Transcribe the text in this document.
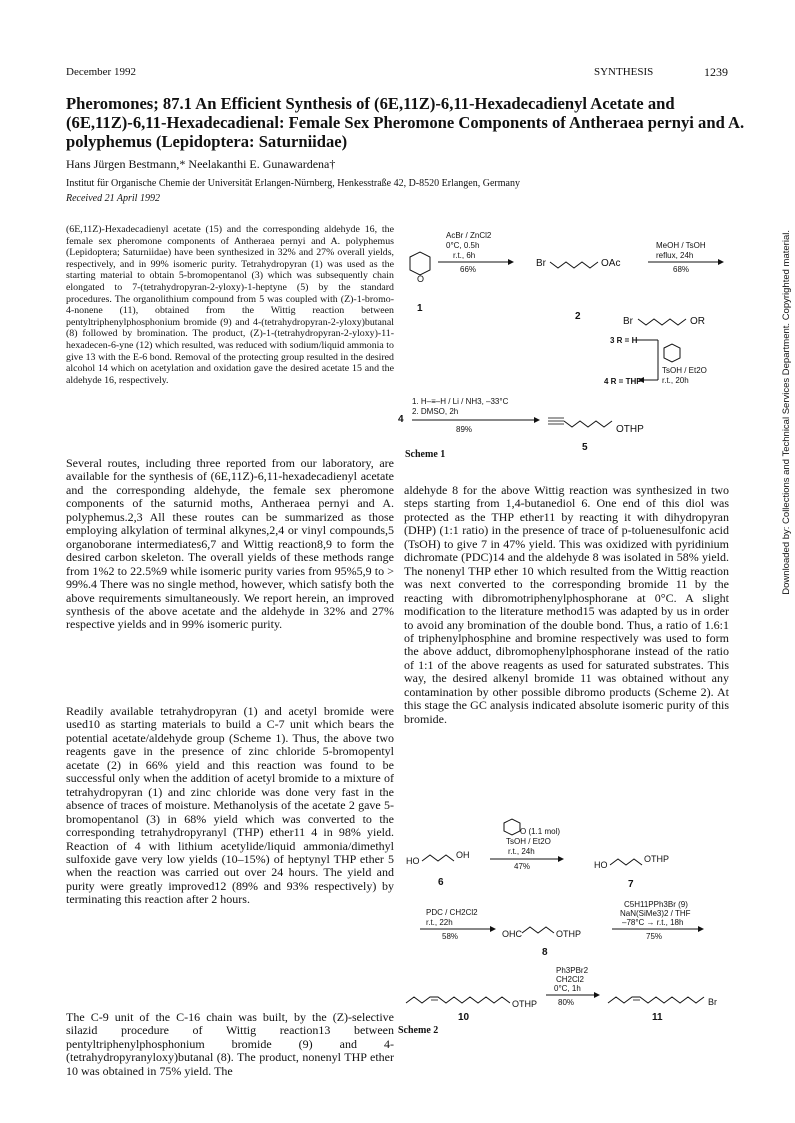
December 1992	SYNTHESIS	1239
Pheromones; 87.1 An Efficient Synthesis of (6E,11Z)-6,11-Hexadecadienyl Acetate and (6E,11Z)-6,11-Hexadecadienal: Female Sex Pheromone Components of Antheraea pernyi and A. polyphemus (Lepidoptera: Saturniidae)
Hans Jürgen Bestmann,* Neelakanthi E. Gunawardena†
Institut für Organische Chemie der Universität Erlangen-Nürnberg, Henkesstraße 42, D-8520 Erlangen, Germany
Received 21 April 1992
(6E,11Z)-Hexadecadienyl acetate (15) and the corresponding aldehyde 16, the female sex pheromone components of Antheraea pernyi and A. polyphemus (Lepidoptera; Saturniidae) have been synthesized in 32% and 27% overall yields, respectively, and in 99% isomeric purity. Tetrahydropyran (1) was used as the starting material to obtain 5-bromopentanol (3) which was subsequently chain elongated to 7-(tetrahydropyran-2-yloxy)-1-heptyne (5) by the standard procedures. The organolithium compound from 5 was coupled with (Z)-1-bromo-4-nonene (11), obtained from the Wittig reaction between pentyltriphenylphosphonium bromide (9) and 4-(tetrahydropyran-2-yloxy)butanal (8) followed by bromination. The product, (Z)-1-(tetrahydropyran-2-yloxy)-11-hexadecen-6-yne (12) which resulted, was reduced with sodium/liquid ammonia to give 13 with the E-6 bond. Removal of the protecting group resulted in the desired alcohol 14 which on acetylation and oxidation gave the desired acetate 15 and the aldehyde 16, respectively.
Several routes, including three reported from our laboratory, are available for the synthesis of (6E,11Z)-6,11-hexadecadienyl acetate and the corresponding aldehyde, the female sex pheromone components of the saturnid moths, Antheraea pernyi and A. polyphemus.2,3 All these routes can be summarized as those employing alkylation of terminal alkynes,2,4 or vinyl compounds,5 organoborane intermediates6,7 and Wittig reaction8,9 to form the desired carbon skeleton. The overall yields of these methods range from 1%2 to 22.5%9 while isomeric purity varies from 95%5,9 to > 99%.4 There was no single method, however, which satisfy both the above requirements simultaneously. We report herein, an improved synthesis of the above acetate and the aldehyde in 32% and 27% respective yields and in 99% isomeric purity.
Readily available tetrahydropyran (1) and acetyl bromide were used10 as starting materials to build a C-7 unit which bears the potential acetate/aldehyde group (Scheme 1). Thus, the above two reagents gave in the presence of zinc chloride 5-bromopentyl acetate (2) in 66% yield and this reaction was found to be successful only when the addition of acetyl bromide to a mixture of tetrahydropyran (1) and zinc chloride was done very fast in the absence of traces of moisture. Methanolysis of the acetate 2 gave 5-bromopentanol (3) in 68% yield which was converted to the corresponding tetrahydropyranyl (THP) ether11 4 in 98% yield. Reaction of 4 with lithium acetylide/liquid ammonia/dimethyl sulfoxide gave very low yields (10–15%) of heptynyl THP ether 5 when the reaction was carried out over 24 hours. The yield and purity were greatly improved12 (89% and 93% respectively) by terminating this reaction after 2 hours.
The C-9 unit of the C-16 chain was built, by the (Z)-selective silazid procedure of Wittig reaction13 between pentyltriphenylphosphonium bromide (9) and 4-(tetrahydropyranyloxy)butanal (8). The product, nonenyl THP ether 10 was obtained in 75% yield. The
aldehyde 8 for the above Wittig reaction was synthesized in two steps starting from 1,4-butanediol 6. One end of this diol was protected as the THP ether11 by reacting it with dihydropyran (DHP) (1:1 ratio) in the presence of trace of p-toluenesulfonic acid (TsOH) to give 7 in 47% yield. This was oxidized with pyridinium dichromate (PDC)14 and the aldehyde 8 was isolated in 58% yield. The nonenyl THP ether 10 which resulted from the Wittig reaction was next converted to the corresponding bromide 11 by the reacting with dibromotriphenylphosphorane at 0°C. A slight modification to the literature method15 was adapted by us in order to avoid any bromination of the double bond. Thus, a ratio of 1.6:1 of triphenylphosphine and bromine respectively was used to form the above adduct, dibromophenylphosphorane instead of the ratio of 1:1 of the above reagents as used for saturated substrates. This way, the desired alkenyl bromide 11 was obtained without any contamination by other possible dibromo products (Scheme 2). At this stage the GC analysis indicated absolute isomeric purity of this bromide.
O
1
AcBr / ZnCl2
0°C, 0.5h
r.t., 6h
66%
Br	OAc
2
MeOH / TsOH
reflux, 24h
68%
Br	OR
3 R = H
TsOH / Et2O
r.t., 20h
4 R = THP
4
1. H–≡–H / Li / NH3, –33°C
2. DMSO, 2h
89%	OTHP
5
Scheme 1
O (1.1 mol)
HO
OH
6
TsOH / Et2O
r.t., 24h
47%	HO
OTHP
7
PDC / CH2Cl2
r.t., 22h
58%	OHC	OTHP
8
C5H11PPh3Br (9)
NaN(SiMe3)2 / THF
–78°C → r.t., 18h
75%
OTHP
10
Ph3PBr2
CH2Cl2
0°C, 1h
80%	Br
11
Scheme 2
Downloaded by: Collections and Technical Services Department. Copyrighted material.
